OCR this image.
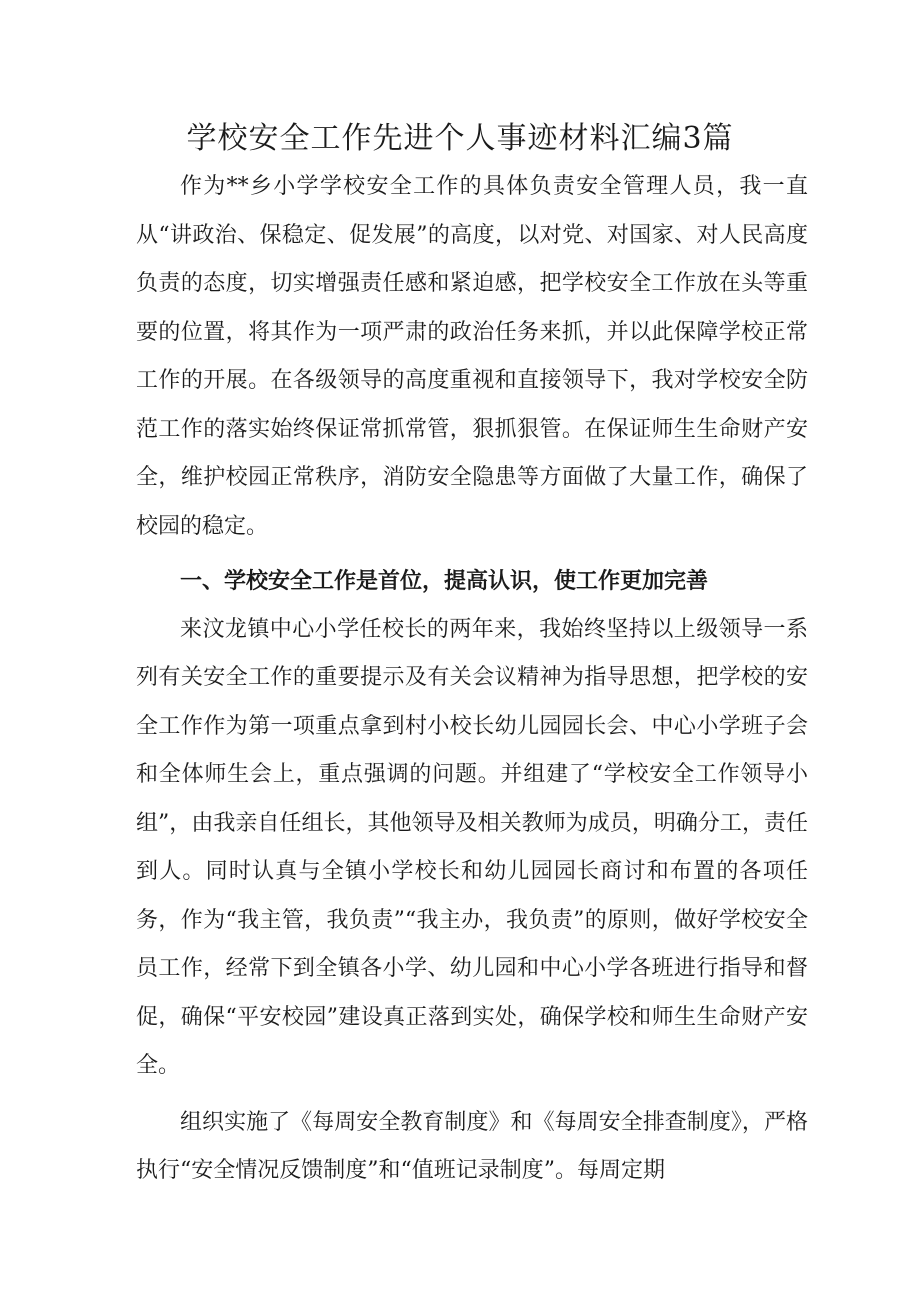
学校安全工作先进个人事迹材料汇编3篇

作为**乡小学学校安全工作的具体负责安全管理人员，我一直从“讲政治、保稳定、促发展”的高度，以对党、对国家、对人民高度负责的态度，切实增强责任感和紧迫感，把学校安全工作放在头等重要的位置，将其作为一项严肃的政治任务来抓，并以此保障学校正常工作的开展。在各级领导的高度重视和直接领导下，我对学校安全防范工作的落实始终保证常抓常管，狠抓狠管。在保证师生生命财产安全，维护校园正常秩序，消防安全隐患等方面做了大量工作，确保了校园的稳定。

一、学校安全工作是首位，提高认识，使工作更加完善

来汶龙镇中心小学任校长的两年来，我始终坚持以上级领导一系列有关安全工作的重要提示及有关会议精神为指导思想，把学校的安全工作作为第一项重点拿到村小校长幼儿园园长会、中心小学班子会和全体师生会上，重点强调的问题。并组建了“学校安全工作领导小组”，由我亲自任组长，其他领导及相关教师为成员，明确分工，责任到人。同时认真与全镇小学校长和幼儿园园长商讨和布置的各项任务，作为“我主管，我负责”“我主办，我负责”的原则，做好学校安全员工作，经常下到全镇各小学、幼儿园和中心小学各班进行指导和督促，确保“平安校园”建设真正落到实处，确保学校和师生生命财产安全。

组织实施了《每周安全教育制度》和《每周安全排查制度》，严格执行“安全情况反馈制度”和“值班记录制度”。每周定期
